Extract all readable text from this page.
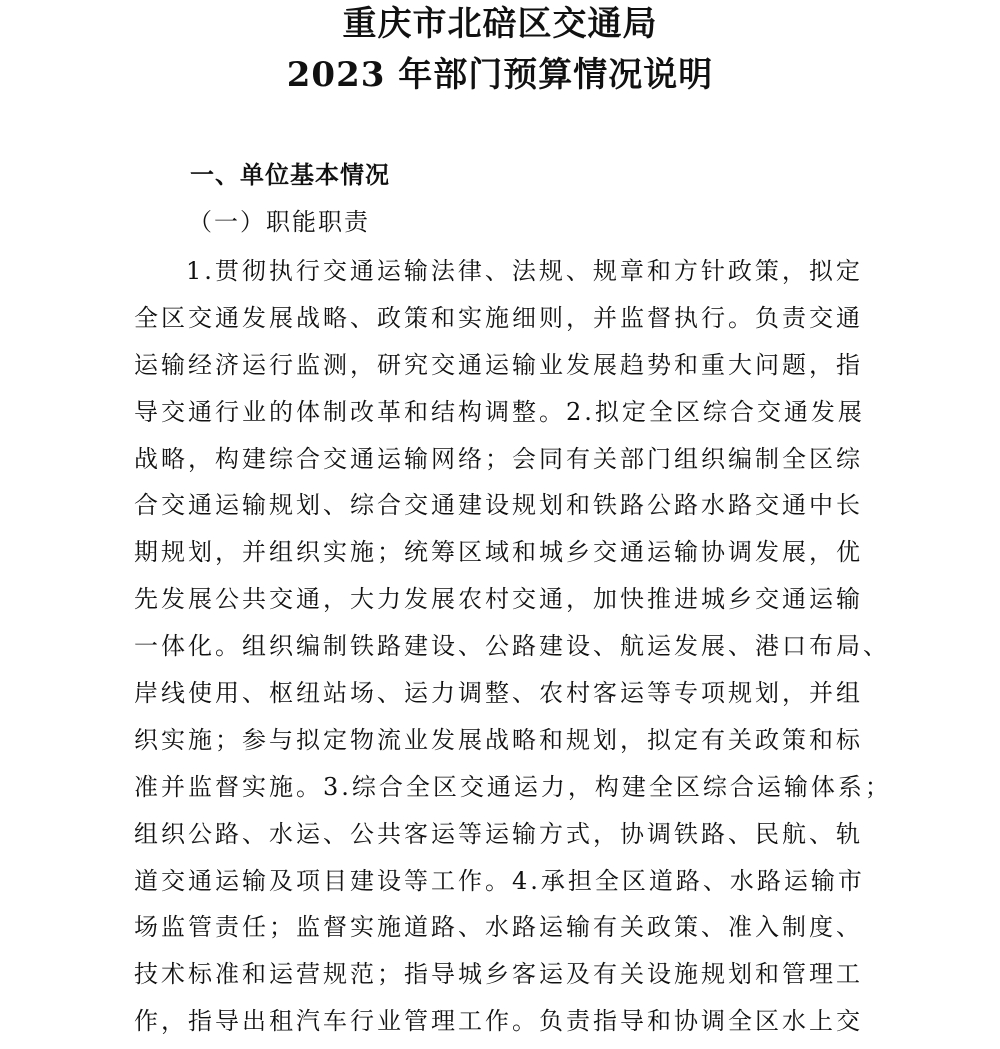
重庆市北碚区交通局
2023 年部门预算情况说明
一、单位基本情况
（一）职能职责
1.贯彻执行交通运输法律、法规、规章和方针政策，拟定
全区交通发展战略、政策和实施细则，并监督执行。负责交通
运输经济运行监测，研究交通运输业发展趋势和重大问题，指
导交通行业的体制改革和结构调整。2.拟定全区综合交通发展
战略，构建综合交通运输网络；会同有关部门组织编制全区综
合交通运输规划、综合交通建设规划和铁路公路水路交通中长
期规划，并组织实施；统筹区域和城乡交通运输协调发展，优
先发展公共交通，大力发展农村交通，加快推进城乡交通运输
一体化。组织编制铁路建设、公路建设、航运发展、港口布局、
岸线使用、枢纽站场、运力调整、农村客运等专项规划，并组
织实施；参与拟定物流业发展战略和规划，拟定有关政策和标
准并监督实施。3.综合全区交通运力，构建全区综合运输体系；
组织公路、水运、公共客运等运输方式，协调铁路、民航、轨
道交通运输及项目建设等工作。4.承担全区道路、水路运输市
场监管责任；监督实施道路、水路运输有关政策、准入制度、
技术标准和运营规范；指导城乡客运及有关设施规划和管理工
作，指导出租汽车行业管理工作。负责指导和协调全区水上交
